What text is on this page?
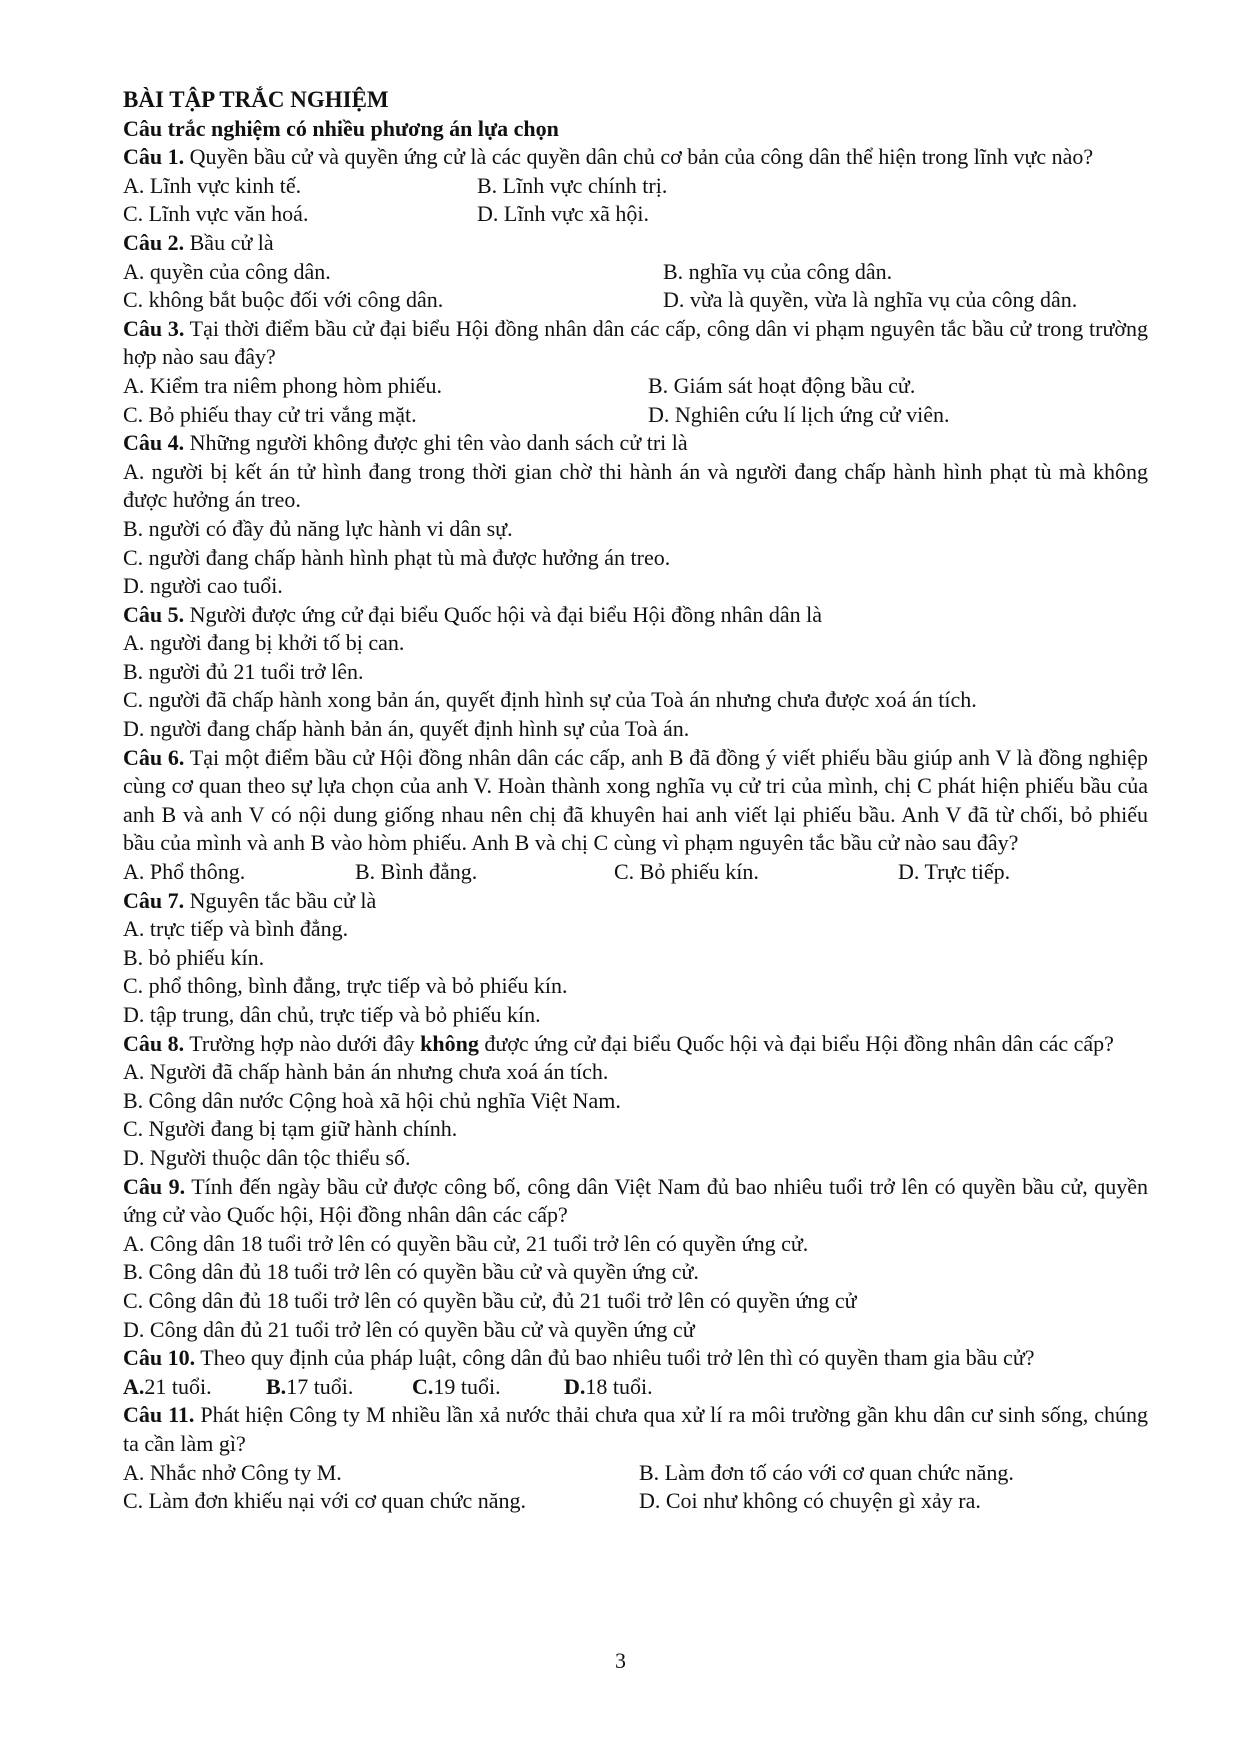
BÀI TẬP TRẮC NGHIỆM
Câu trắc nghiệm có nhiều phương án lựa chọn
Câu 1. Quyền bầu cử và quyền ứng cử là các quyền dân chủ cơ bản của công dân thể hiện trong lĩnh vực nào?
A. Lĩnh vực kinh tế.	B. Lĩnh vực chính trị.
C. Lĩnh vực văn hoá.	D. Lĩnh vực xã hội.
Câu 2. Bầu cử là
A. quyền của công dân.	B. nghĩa vụ của công dân.
C. không bắt buộc đối với công dân.	D. vừa là quyền, vừa là nghĩa vụ của công dân.
Câu 3. Tại thời điểm bầu cử đại biểu Hội đồng nhân dân các cấp, công dân vi phạm nguyên tắc bầu cử trong trường hợp nào sau đây?
A. Kiểm tra niêm phong hòm phiếu.	B. Giám sát hoạt động bầu cử.
C. Bỏ phiếu thay cử tri vắng mặt.	D. Nghiên cứu lí lịch ứng cử viên.
Câu 4. Những người không được ghi tên vào danh sách cử tri là
A. người bị kết án tử hình đang trong thời gian chờ thi hành án và người đang chấp hành hình phạt tù mà không được hưởng án treo.
B. người có đầy đủ năng lực hành vi dân sự.
C. người đang chấp hành hình phạt tù mà được hưởng án treo.
D. người cao tuổi.
Câu 5. Người được ứng cử đại biểu Quốc hội và đại biểu Hội đồng nhân dân là
A. người đang bị khởi tố bị can.
B. người đủ 21 tuổi trở lên.
C. người đã chấp hành xong bản án, quyết định hình sự của Toà án nhưng chưa được xoá án tích.
D. người đang chấp hành bản án, quyết định hình sự của Toà án.
Câu 6. Tại một điểm bầu cử Hội đồng nhân dân các cấp, anh B đã đồng ý viết phiếu bầu giúp anh V là đồng nghiệp cùng cơ quan theo sự lựa chọn của anh V. Hoàn thành xong nghĩa vụ cử tri của mình, chị C phát hiện phiếu bầu của anh B và anh V có nội dung giống nhau nên chị đã khuyên hai anh viết lại phiếu bầu. Anh V đã từ chối, bỏ phiếu bầu của mình và anh B vào hòm phiếu. Anh B và chị C cùng vì phạm nguyên tắc bầu cử nào sau đây?
A. Phổ thông.	B. Bình đẳng.	C. Bỏ phiếu kín.	D. Trực tiếp.
Câu 7. Nguyên tắc bầu cử là
A. trực tiếp và bình đẳng.
B. bỏ phiếu kín.
C. phổ thông, bình đẳng, trực tiếp và bỏ phiếu kín.
D. tập trung, dân chủ, trực tiếp và bỏ phiếu kín.
Câu 8. Trường hợp nào dưới đây không được ứng cử đại biểu Quốc hội và đại biểu Hội đồng nhân dân các cấp?
A. Người đã chấp hành bản án nhưng chưa xoá án tích.
B. Công dân nước Cộng hoà xã hội chủ nghĩa Việt Nam.
C. Người đang bị tạm giữ hành chính.
D. Người thuộc dân tộc thiểu số.
Câu 9. Tính đến ngày bầu cử được công bố, công dân Việt Nam đủ bao nhiêu tuổi trở lên có quyền bầu cử, quyền ứng cử vào Quốc hội, Hội đồng nhân dân các cấp?
A. Công dân 18 tuổi trở lên có quyền bầu cử, 21 tuổi trở lên có quyền ứng cử.
B. Công dân đủ 18 tuổi trở lên có quyền bầu cử và quyền ứng cử.
C. Công dân đủ 18 tuổi trở lên có quyền bầu cử, đủ 21 tuổi trở lên có quyền ứng cử
D. Công dân đủ 21 tuổi trở lên có quyền bầu cử và quyền ứng cử
Câu 10. Theo quy định của pháp luật, công dân đủ bao nhiêu tuổi trở lên thì có quyền tham gia bầu cử?
A.21 tuổi.	B.17 tuổi.	C.19 tuổi.	D.18 tuổi.
Câu 11. Phát hiện Công ty M nhiều lần xả nước thải chưa qua xử lí ra môi trường gần khu dân cư sinh sống, chúng ta cần làm gì?
A. Nhắc nhở Công ty M.	B. Làm đơn tố cáo với cơ quan chức năng.
C. Làm đơn khiếu nại với cơ quan chức năng.	D. Coi như không có chuyện gì xảy ra.
3
